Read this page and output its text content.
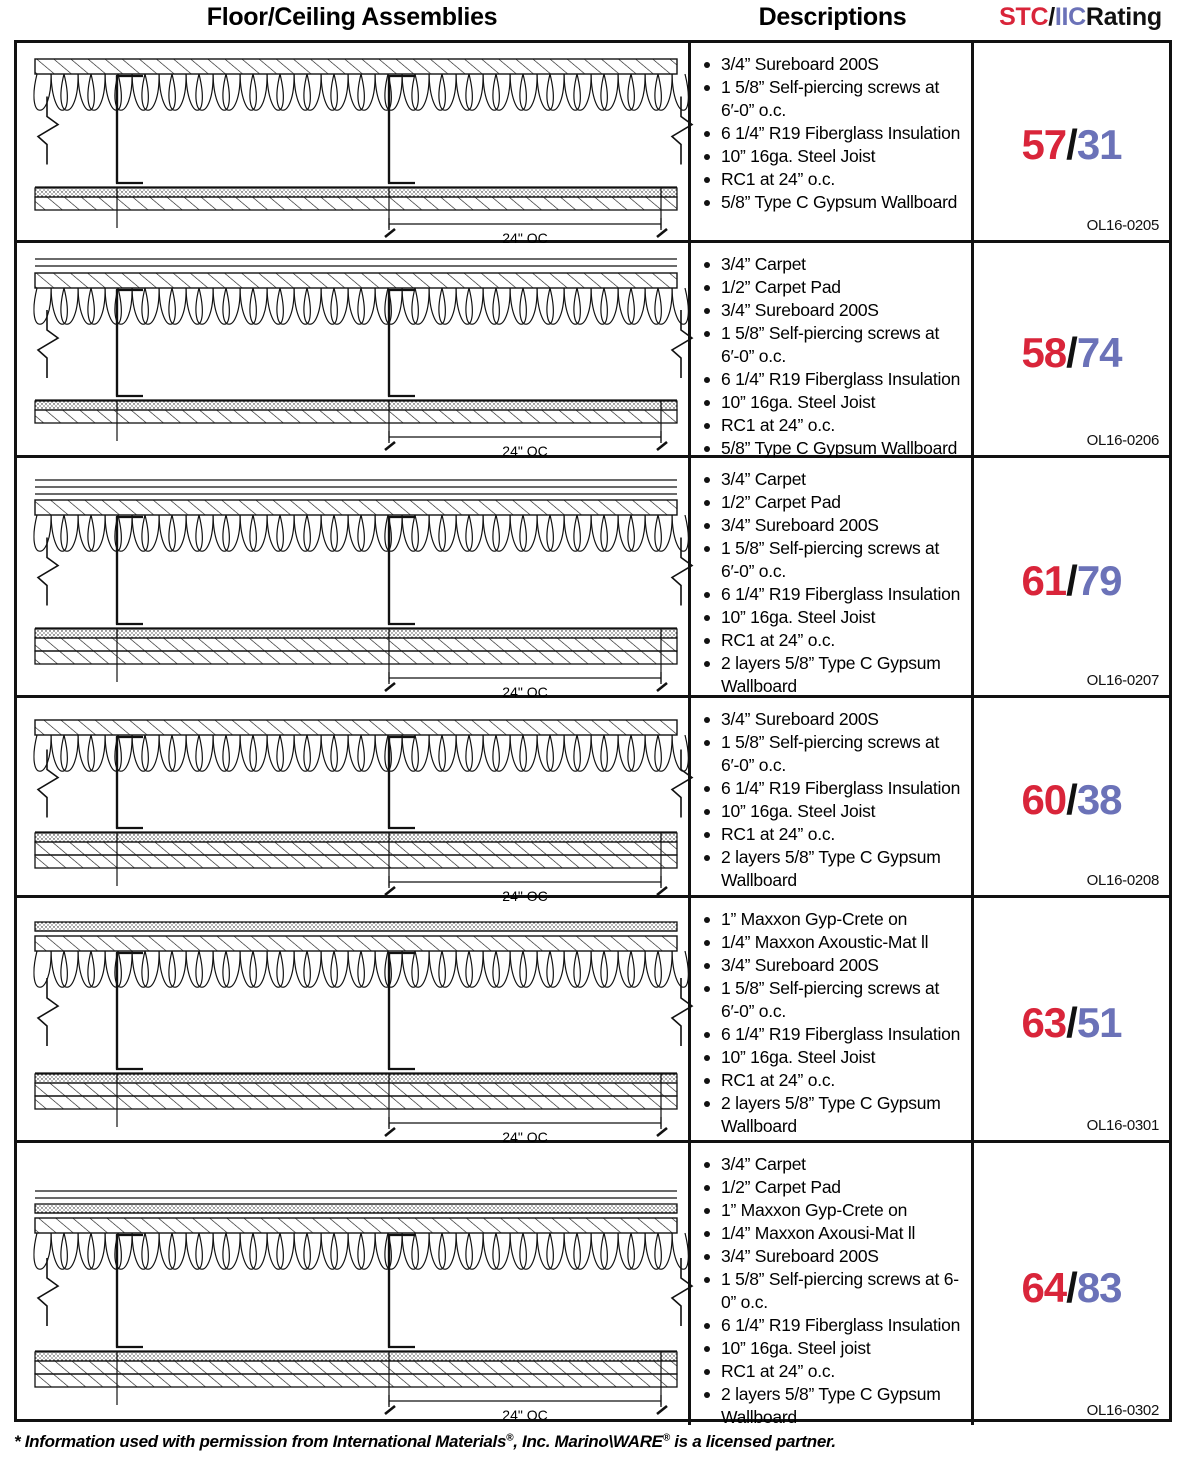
Floor/Ceiling Assemblies	Descriptions	STC / IIC Rating
24" OC
3/4” Sureboard 200S
1 5/8” Self-piercing screws at 6′-0” o.c.
6 1/4” R19 Fiberglass Insulation
10” 16ga. Steel Joist
RC1 at 24” o.c.
5/8” Type C Gypsum Wallboard
57/31
OL16-0205
24" OC
3/4” Carpet
1/2” Carpet Pad
3/4” Sureboard 200S
1 5/8” Self-piercing screws at 6′-0” o.c.
6 1/4” R19 Fiberglass Insulation
10” 16ga. Steel Joist
RC1 at 24” o.c.
5/8” Type C Gypsum Wallboard
58/74
OL16-0206
24" OC
3/4” Carpet
1/2” Carpet Pad
3/4” Sureboard 200S
1 5/8” Self-piercing screws at 6′-0” o.c.
6 1/4” R19 Fiberglass Insulation
10” 16ga. Steel Joist
RC1 at 24” o.c.
2 layers 5/8” Type C Gypsum Wallboard
61/79
OL16-0207
24" OC
3/4” Sureboard 200S
1 5/8” Self-piercing screws at 6′-0” o.c.
6 1/4” R19 Fiberglass Insulation
10” 16ga. Steel Joist
RC1 at 24” o.c.
2 layers 5/8” Type C Gypsum Wallboard
60/38
OL16-0208
24" OC
1” Maxxon Gyp-Crete on
1/4” Maxxon Axoustic-Mat ll
3/4” Sureboard 200S
1 5/8” Self-piercing screws at 6′-0” o.c.
6 1/4” R19 Fiberglass Insulation
10” 16ga. Steel Joist
RC1 at 24” o.c.
2 layers 5/8” Type C Gypsum Wallboard
63/51
OL16-0301
24" OC
3/4” Carpet
1/2” Carpet Pad
1” Maxxon Gyp-Crete on
1/4” Maxxon Axousi-Mat ll
3/4” Sureboard 200S
1 5/8” Self-piercing screws at 6-0” o.c.
6 1/4” R19 Fiberglass Insulation
10” 16ga. Steel joist
RC1 at 24” o.c.
2 layers 5/8” Type C Gypsum Wallboard
64/83
OL16-0302
* Information used with permission from International Materials®, Inc. Marino\WARE® is a licensed partner.
